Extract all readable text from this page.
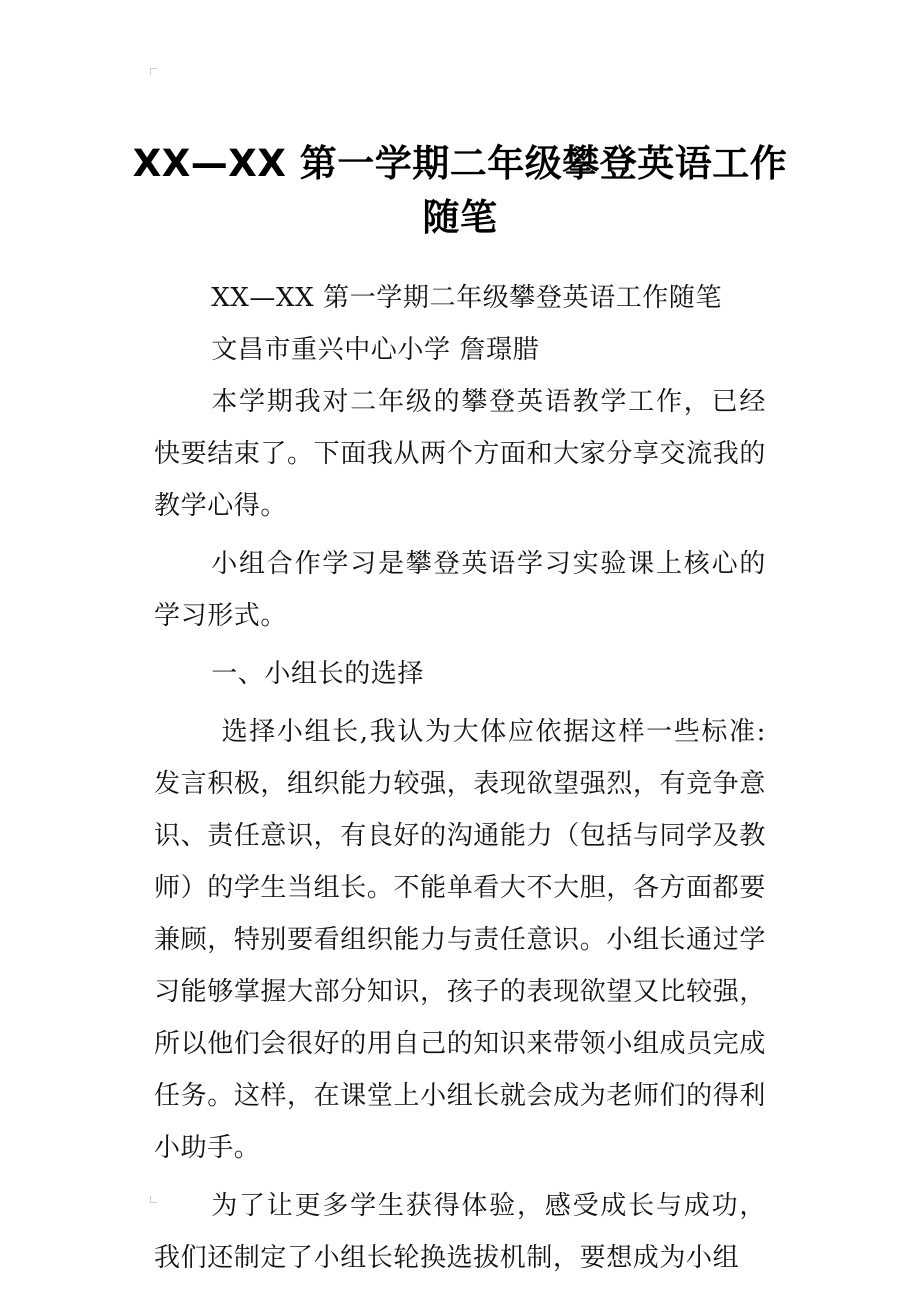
XX—XX 第一学期二年级攀登英语工作
随笔

XX—XX 第一学期二年级攀登英语工作随笔

文昌市重兴中心小学 詹璟腊

本学期我对二年级的攀登英语教学工作，已经快要结束了。下面我从两个方面和大家分享交流我的教学心得。

小组合作学习是攀登英语学习实验课上核心的学习形式。

一、小组长的选择

选择小组长,我认为大体应依据这样一些标准:发言积极，组织能力较强，表现欲望强烈，有竞争意识、责任意识，有良好的沟通能力（包括与同学及教师）的学生当组长。不能单看大不大胆，各方面都要兼顾，特别要看组织能力与责任意识。小组长通过学习能够掌握大部分知识，孩子的表现欲望又比较强，所以他们会很好的用自己的知识来带领小组成员完成任务。这样，在课堂上小组长就会成为老师们的得利小助手。

为了让更多学生获得体验，感受成长与成功，我们还制定了小组长轮换选拔机制，要想成为小组
